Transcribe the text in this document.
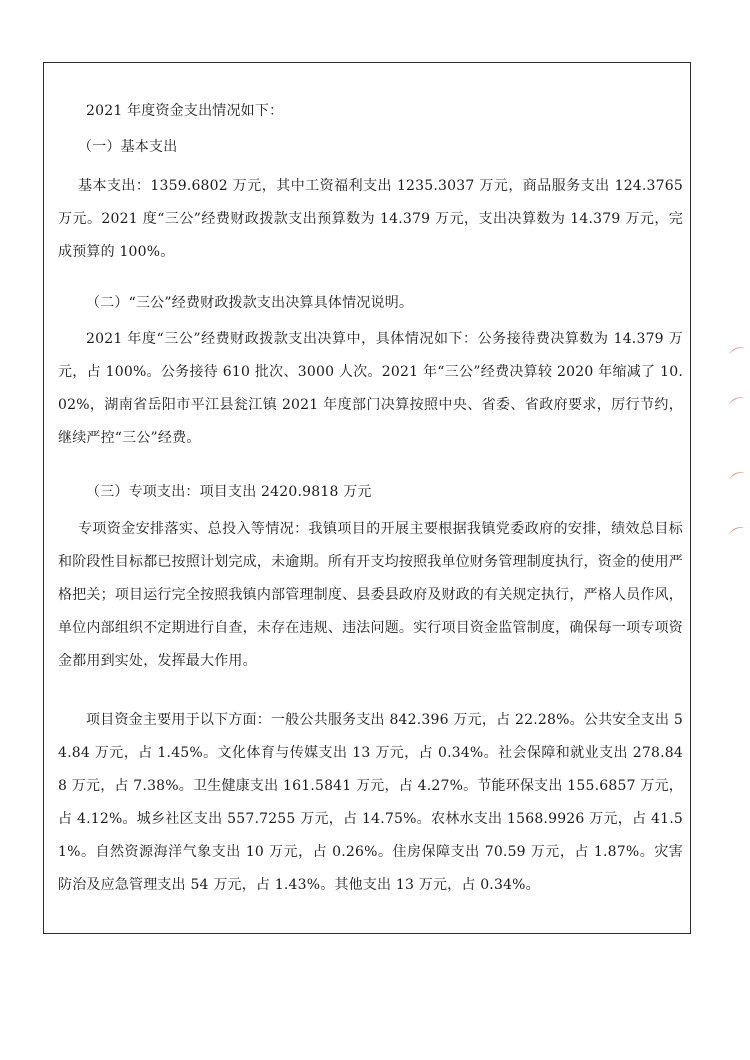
2021 年度资金支出情况如下：

（一）基本支出

基本支出：1359.6802 万元，其中工资福利支出 1235.3037 万元，商品服务支出 124.3765 万元。2021 度“三公”经费财政拨款支出预算数为 14.379 万元，支出决算数为 14.379 万元，完成预算的 100%。

（二）“三公”经费财政拨款支出决算具体情况说明。

2021 年度“三公”经费财政拨款支出决算中，具体情况如下：公务接待费决算数为 14.379 万元，占 100%。公务接待 610 批次、3000 人次。2021 年“三公”经费决算较 2020 年缩减了 10.02%，湖南省岳阳市平江县瓮江镇 2021 年度部门决算按照中央、省委、省政府要求，厉行节约，继续严控“三公”经费。

（三）专项支出：项目支出 2420.9818 万元

专项资金安排落实、总投入等情况：我镇项目的开展主要根据我镇党委政府的安排，绩效总目标和阶段性目标都已按照计划完成，未逾期。所有开支均按照我单位财务管理制度执行，资金的使用严格把关；项目运行完全按照我镇内部管理制度、县委县政府及财政的有关规定执行，严格人员作风，单位内部组织不定期进行自查，未存在违规、违法问题。实行项目资金监管制度，确保每一项专项资金都用到实处，发挥最大作用。

项目资金主要用于以下方面：一般公共服务支出 842.396 万元，占 22.28%。公共安全支出 54.84 万元，占 1.45%。文化体育与传媒支出 13 万元，占 0.34%。社会保障和就业支出 278.848 万元，占 7.38%。卫生健康支出 161.5841 万元，占 4.27%。节能环保支出 155.6857 万元，占 4.12%。城乡社区支出 557.7255 万元，占 14.75%。农林水支出 1568.9926 万元，占 41.51%。自然资源海洋气象支出 10 万元，占 0.26%。住房保障支出 70.59 万元，占 1.87%。灾害防治及应急管理支出 54 万元，占 1.43%。其他支出 13 万元，占 0.34%。

⌒
⌒
⌒
⌒
